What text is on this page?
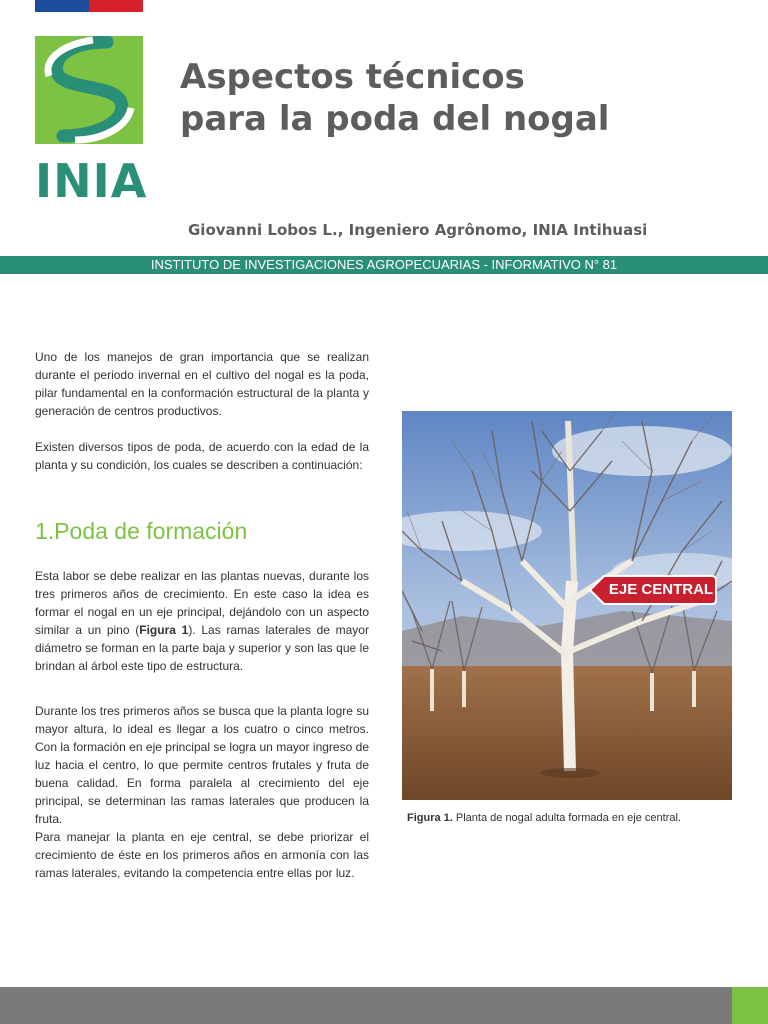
INIA
Aspectos técnicos
para la poda del nogal
Giovanni Lobos L., Ingeniero Agrônomo, INIA Intihuasi
INSTITUTO DE INVESTIGACIONES AGROPECUARIAS - INFORMATIVO N° 81

Uno de los manejos de gran importancia que se realizan durante el periodo invernal en el cultivo del nogal es la poda, pilar fundamental en la conformación estructural de la planta y generación de centros productivos.

Existen diversos tipos de poda, de acuerdo con la edad de la planta y su condición, los cuales se describen a continuación:

1.Poda de formación

Esta labor se debe realizar en las plantas nuevas, durante los tres primeros años de crecimiento. En este caso la idea es formar el nogal en un eje principal, dejándolo con un aspecto similar a un pino (Figura 1). Las ramas laterales de mayor diámetro se forman en la parte baja y superior y son las que le brindan al árbol este tipo de estructura.

Durante los tres primeros años se busca que la planta logre su mayor altura, lo ideal es llegar a los cuatro o cinco metros. Con la formación en eje principal se logra un mayor ingreso de luz hacia el centro, lo que permite centros frutales y fruta de buena calidad. En forma paralela al crecimiento del eje principal, se determinan las ramas laterales que producen la fruta.

Para manejar la planta en eje central, se debe priorizar el crecimiento de éste en los primeros años en armonía con las ramas laterales, evitando la competencia entre ellas por luz.

EJE CENTRAL
Figura 1. Planta de nogal adulta formada en eje central.
